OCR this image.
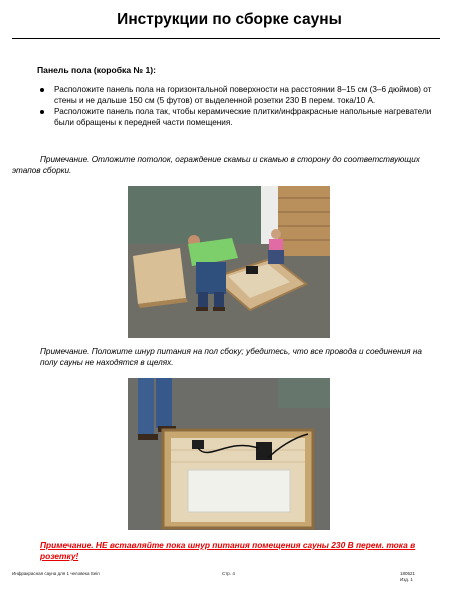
Инструкции по сборке сауны

Панель пола (коробка № 1):

Расположите панель пола на горизонтальной поверхности на расстоянии 8–15 см (3–6 дюймов) от стены и не дальше 150 см (5 футов) от выделенной розетки 230 В перем. тока/10 А.
Расположите панель пола так, чтобы керамические плитки/инфракрасные напольные нагреватели были обращены к передней части помещения.

Примечание. Отложите потолок, ограждение скамьи и скамью в сторону до соответствующих этапов сборки.

Примечание. Положите шнур питания на пол сбоку; убедитесь, что все провода и соединения на полу сауны не находятся в щелях.

Примечание. НЕ вставляйте пока шнур питания помещения сауны 230 В перем. тока в розетку!

Инфракрасная сауна для 1 человека Sein	Стр. 4	180521
Изд. 1
